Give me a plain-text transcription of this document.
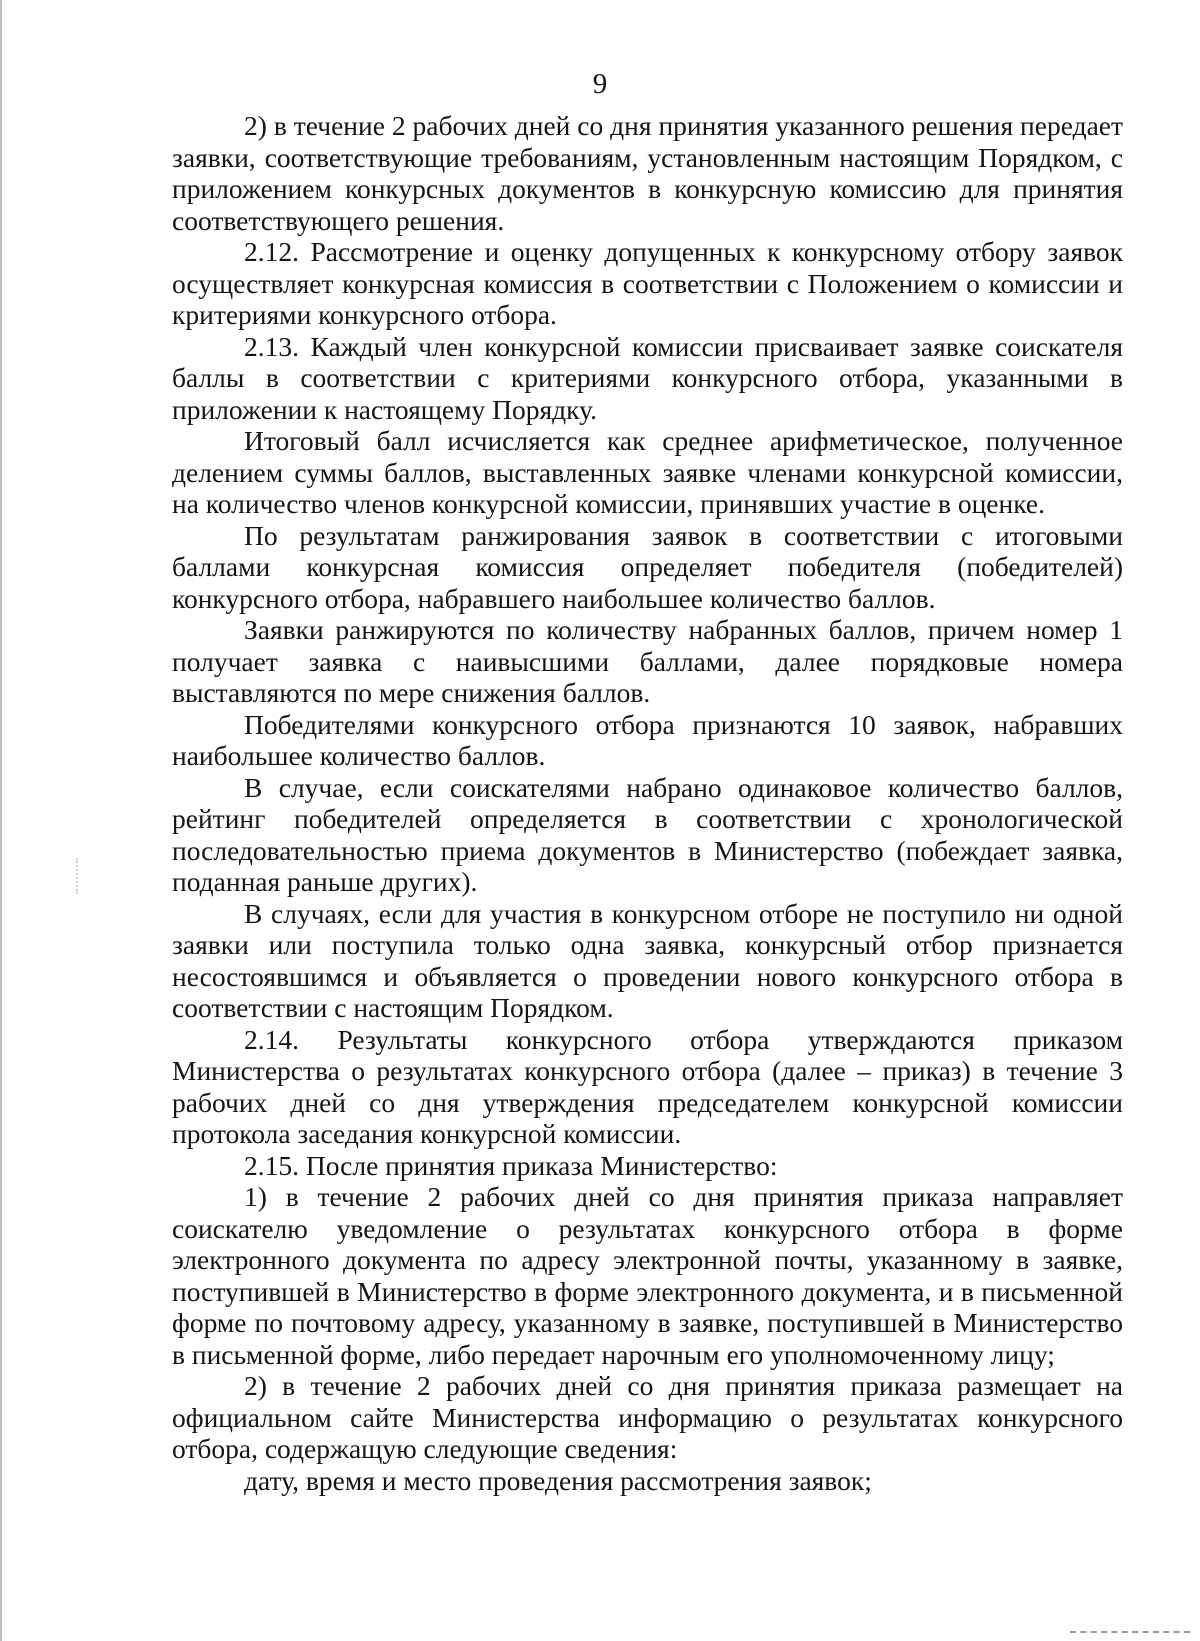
9

2) в течение 2 рабочих дней со дня принятия указанного решения передает заявки, соответствующие требованиям, установленным настоящим Порядком, с приложением конкурсных документов в конкурсную комиссию для принятия соответствующего решения.

2.12. Рассмотрение и оценку допущенных к конкурсному отбору заявок осуществляет конкурсная комиссия в соответствии с Положением о комиссии и критериями конкурсного отбора.

2.13. Каждый член конкурсной комиссии присваивает заявке соискателя баллы в соответствии с критериями конкурсного отбора, указанными в приложении к настоящему Порядку.

Итоговый балл исчисляется как среднее арифметическое, полученное делением суммы баллов, выставленных заявке членами конкурсной комиссии, на количество членов конкурсной комиссии, принявших участие в оценке.

По результатам ранжирования заявок в соответствии с итоговыми баллами конкурсная комиссия определяет победителя (победителей) конкурсного отбора, набравшего наибольшее количество баллов.

Заявки ранжируются по количеству набранных баллов, причем номер 1 получает заявка с наивысшими баллами, далее порядковые номера выставляются по мере снижения баллов.

Победителями конкурсного отбора признаются 10 заявок, набравших наибольшее количество баллов.

В случае, если соискателями набрано одинаковое количество баллов, рейтинг победителей определяется в соответствии с хронологической последовательностью приема документов в Министерство (побеждает заявка, поданная раньше других).

В случаях, если для участия в конкурсном отборе не поступило ни одной заявки или поступила только одна заявка, конкурсный отбор признается несостоявшимся и объявляется о проведении нового конкурсного отбора в соответствии с настоящим Порядком.

2.14. Результаты конкурсного отбора утверждаются приказом Министерства о результатах конкурсного отбора (далее – приказ) в течение 3 рабочих дней со дня утверждения председателем конкурсной комиссии протокола заседания конкурсной комиссии.

2.15. После принятия приказа Министерство:

1) в течение 2 рабочих дней со дня принятия приказа направляет соискателю уведомление о результатах конкурсного отбора в форме электронного документа по адресу электронной почты, указанному в заявке, поступившей в Министерство в форме электронного документа, и в письменной форме по почтовому адресу, указанному в заявке, поступившей в Министерство в письменной форме, либо передает нарочным его уполномоченному лицу;

2) в течение 2 рабочих дней со дня принятия приказа размещает на официальном сайте Министерства информацию о результатах конкурсного отбора, содержащую следующие сведения:

дату, время и место проведения рассмотрения заявок;
